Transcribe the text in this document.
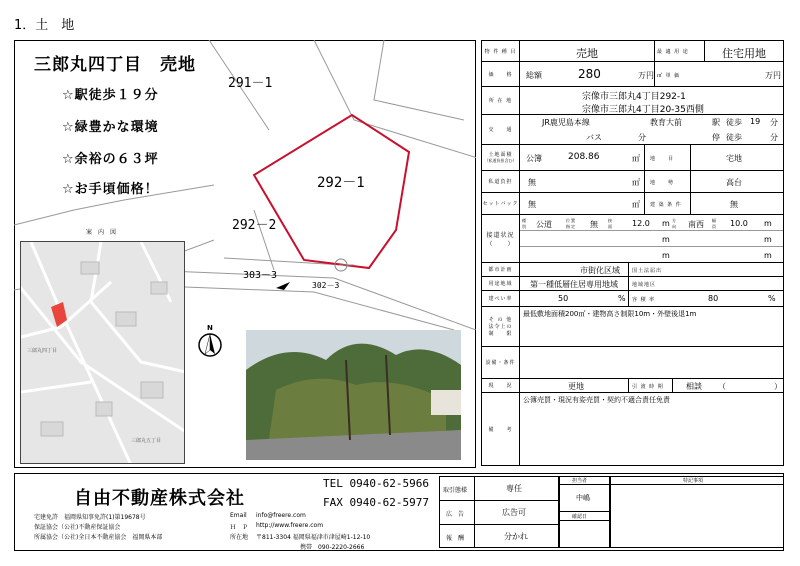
1．土　地
291－1
292－1
292－2
303－3
302－3
三郎丸四丁目　売地
☆駅徒歩１９分
☆緑豊かな環境
☆余裕の６３坪
☆お手頃価格！
案　内　図
三郎丸四丁目
三郎丸五丁目
N
物 件 種 目	売地	最 適 用 途	住宅用地
価　　格	総額	280	万円 ㎡ 単 価	万円
所 在 地	宗像市三郎丸4丁目292-1
宗像市三郎丸4丁目20-35西側
交　　通
JR鹿児島本線	教育大前	駅 徒歩 19 分
バス	分	停 徒歩	分
土地面積
（私道負担含む） 公簿	208.86	㎡ 地　　目	宅地
私道負担	無	㎡ 地　　勢	高台
セットバック 無	㎡ 建 築 条 件	無
接道状況
（　　）
種別 公道	位置指定 無	接面 12.0 m 方向 南西 幅員 10.0 m
m	m
m	m
都市計画	市街化区域 国土法届出
用途地域	第一種低層住居専用地域	地域地区
建ぺい率	50	% 容 積 率	80	%
そ の 他
法令上の
制　　限
最低敷地面積200㎡・建物高さ制限10m・外壁後退1m
設備・条件
現　　況	更地	引 渡 時 期	相談 （　　　　　　）
備　　考
公簿売買・現況有姿売買・契約不適合責任免責
自由不動産株式会社
TEL 0940-62-5966
FAX 0940-62-5977
宅建免許　福岡県知事免許(1)第19678号
保証協会（公社)不動産保証協会
所属協会（公社)全日本不動産協会　福岡県本部
Email info@freere.com
Ｈ　Ｐ http://www.freere.com
所在地 〒811-3304 福岡県福津市津屋崎1-12-10
携帯　090-2220-2666
取引態様	専任
広　告	広告可
報　酬	分かれ
担当者
中嶋
確認日
特記事項
